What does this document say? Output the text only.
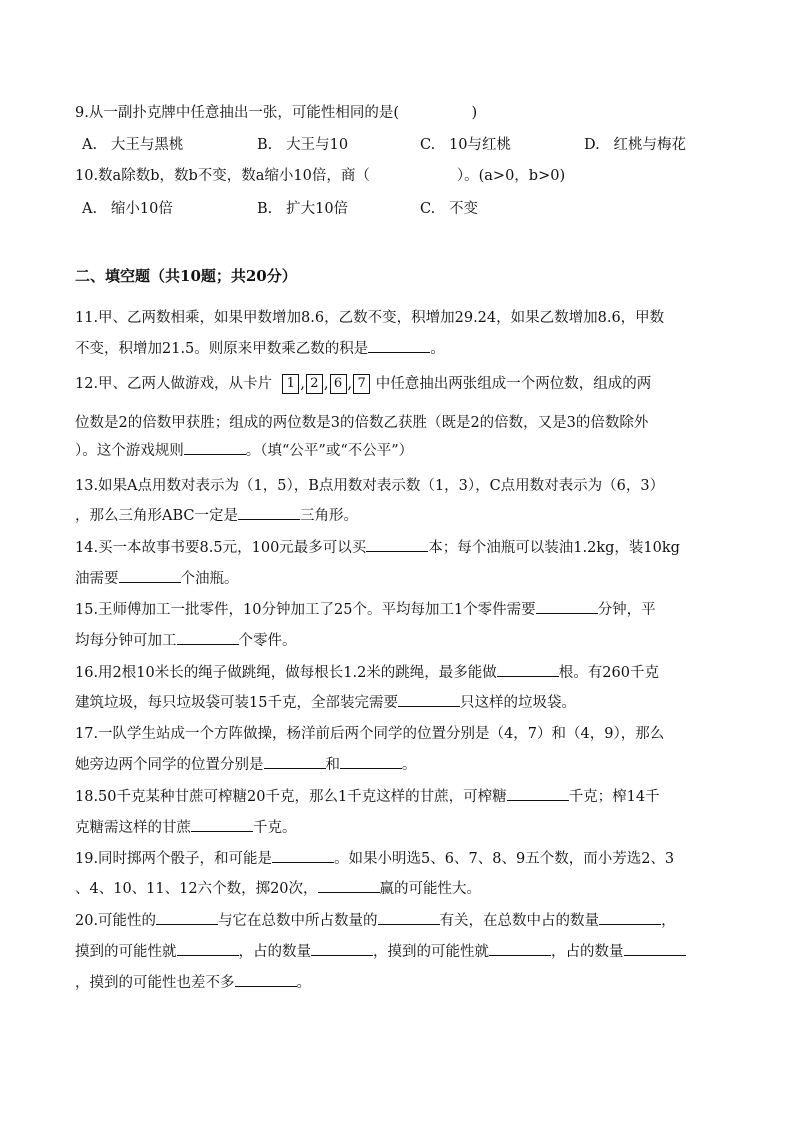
9.从一副扑克牌中任意抽出一张，可能性相同的是(　　　　　)
A. 大王与黑桃	B. 大王与10	C. 10与红桃	D. 红桃与梅花
10.数a除数b，数b不变，数a缩小10倍，商（　　　　　　）。(a>0，b>0)
A. 缩小10倍	B. 扩大10倍	C. 不变
二、填空题（共10题；共20分）
11.甲、乙两数相乘，如果甲数增加8.6，乙数不变，积增加29.24，如果乙数增加8.6，甲数
不变，积增加21.5。则原来甲数乘乙数的积是	。
12.甲、乙两人做游戏，从卡片 1 , 2 , 6 , 7 中任意抽出两张组成一个两位数，组成的两
位数是2的倍数甲获胜；组成的两位数是3的倍数乙获胜（既是2的倍数，又是3的倍数除外
）。这个游戏规则	。（填“公平”或“不公平”）
13.如果A点用数对表示为（1，5），B点用数对表示数（1，3），C点用数对表示为（6，3）
，那么三角形ABC一定是	三角形。
14.买一本故事书要8.5元，100元最多可以买	本；每个油瓶可以装油1.2kg，装10kg
油需要	个油瓶。
15.王师傅加工一批零件，10分钟加工了25个。平均每加工1个零件需要	分钟，平
均每分钟可加工	个零件。
16.用2根10米长的绳子做跳绳，做每根长1.2米的跳绳，最多能做	根。有260千克
建筑垃圾，每只垃圾袋可装15千克，全部装完需要	只这样的垃圾袋。
17.一队学生站成一个方阵做操，杨洋前后两个同学的位置分别是（4，7）和（4，9），那么
她旁边两个同学的位置分别是	和	。
18.50千克某种甘蔗可榨糖20千克，那么1千克这样的甘蔗，可榨糖	千克；榨14千
克糖需这样的甘蔗	千克。
19.同时掷两个骰子，和可能是	。如果小明选5、6、7、8、9五个数，而小芳选2、3
、4、10、11、12六个数，掷20次，	赢的可能性大。
20.可能性的	与它在总数中所占数量的	有关，在总数中占的数量	，
摸到的可能性就	，占的数量	，摸到的可能性就	，占的数量
，摸到的可能性也差不多	。
